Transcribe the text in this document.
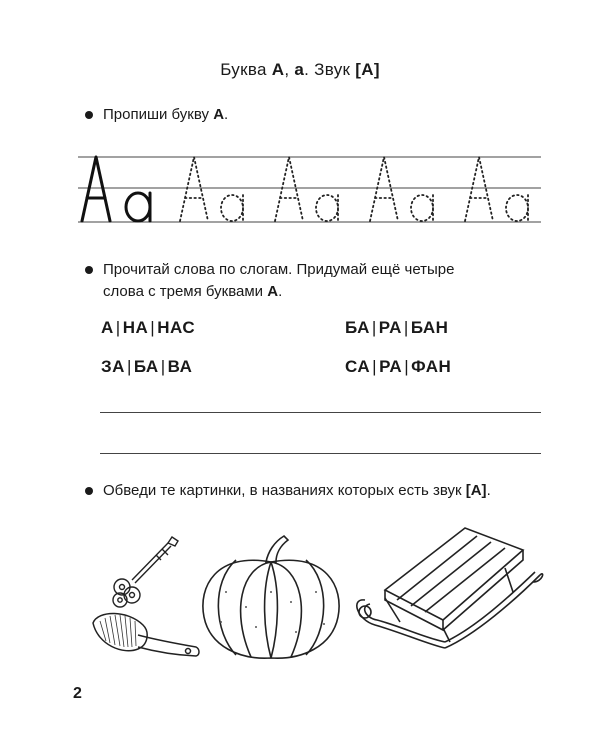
Буква А, а. Звук [А]
Пропиши букву А.
Прочитай слова по слогам. Придумай ещё четыре
слова с тремя буквами А.
А | НА | НАС	БА | РА | БАН
ЗА | БА | ВА	СА | РА | ФАН
Обведи те картинки, в названиях которых есть звук [А].
2
